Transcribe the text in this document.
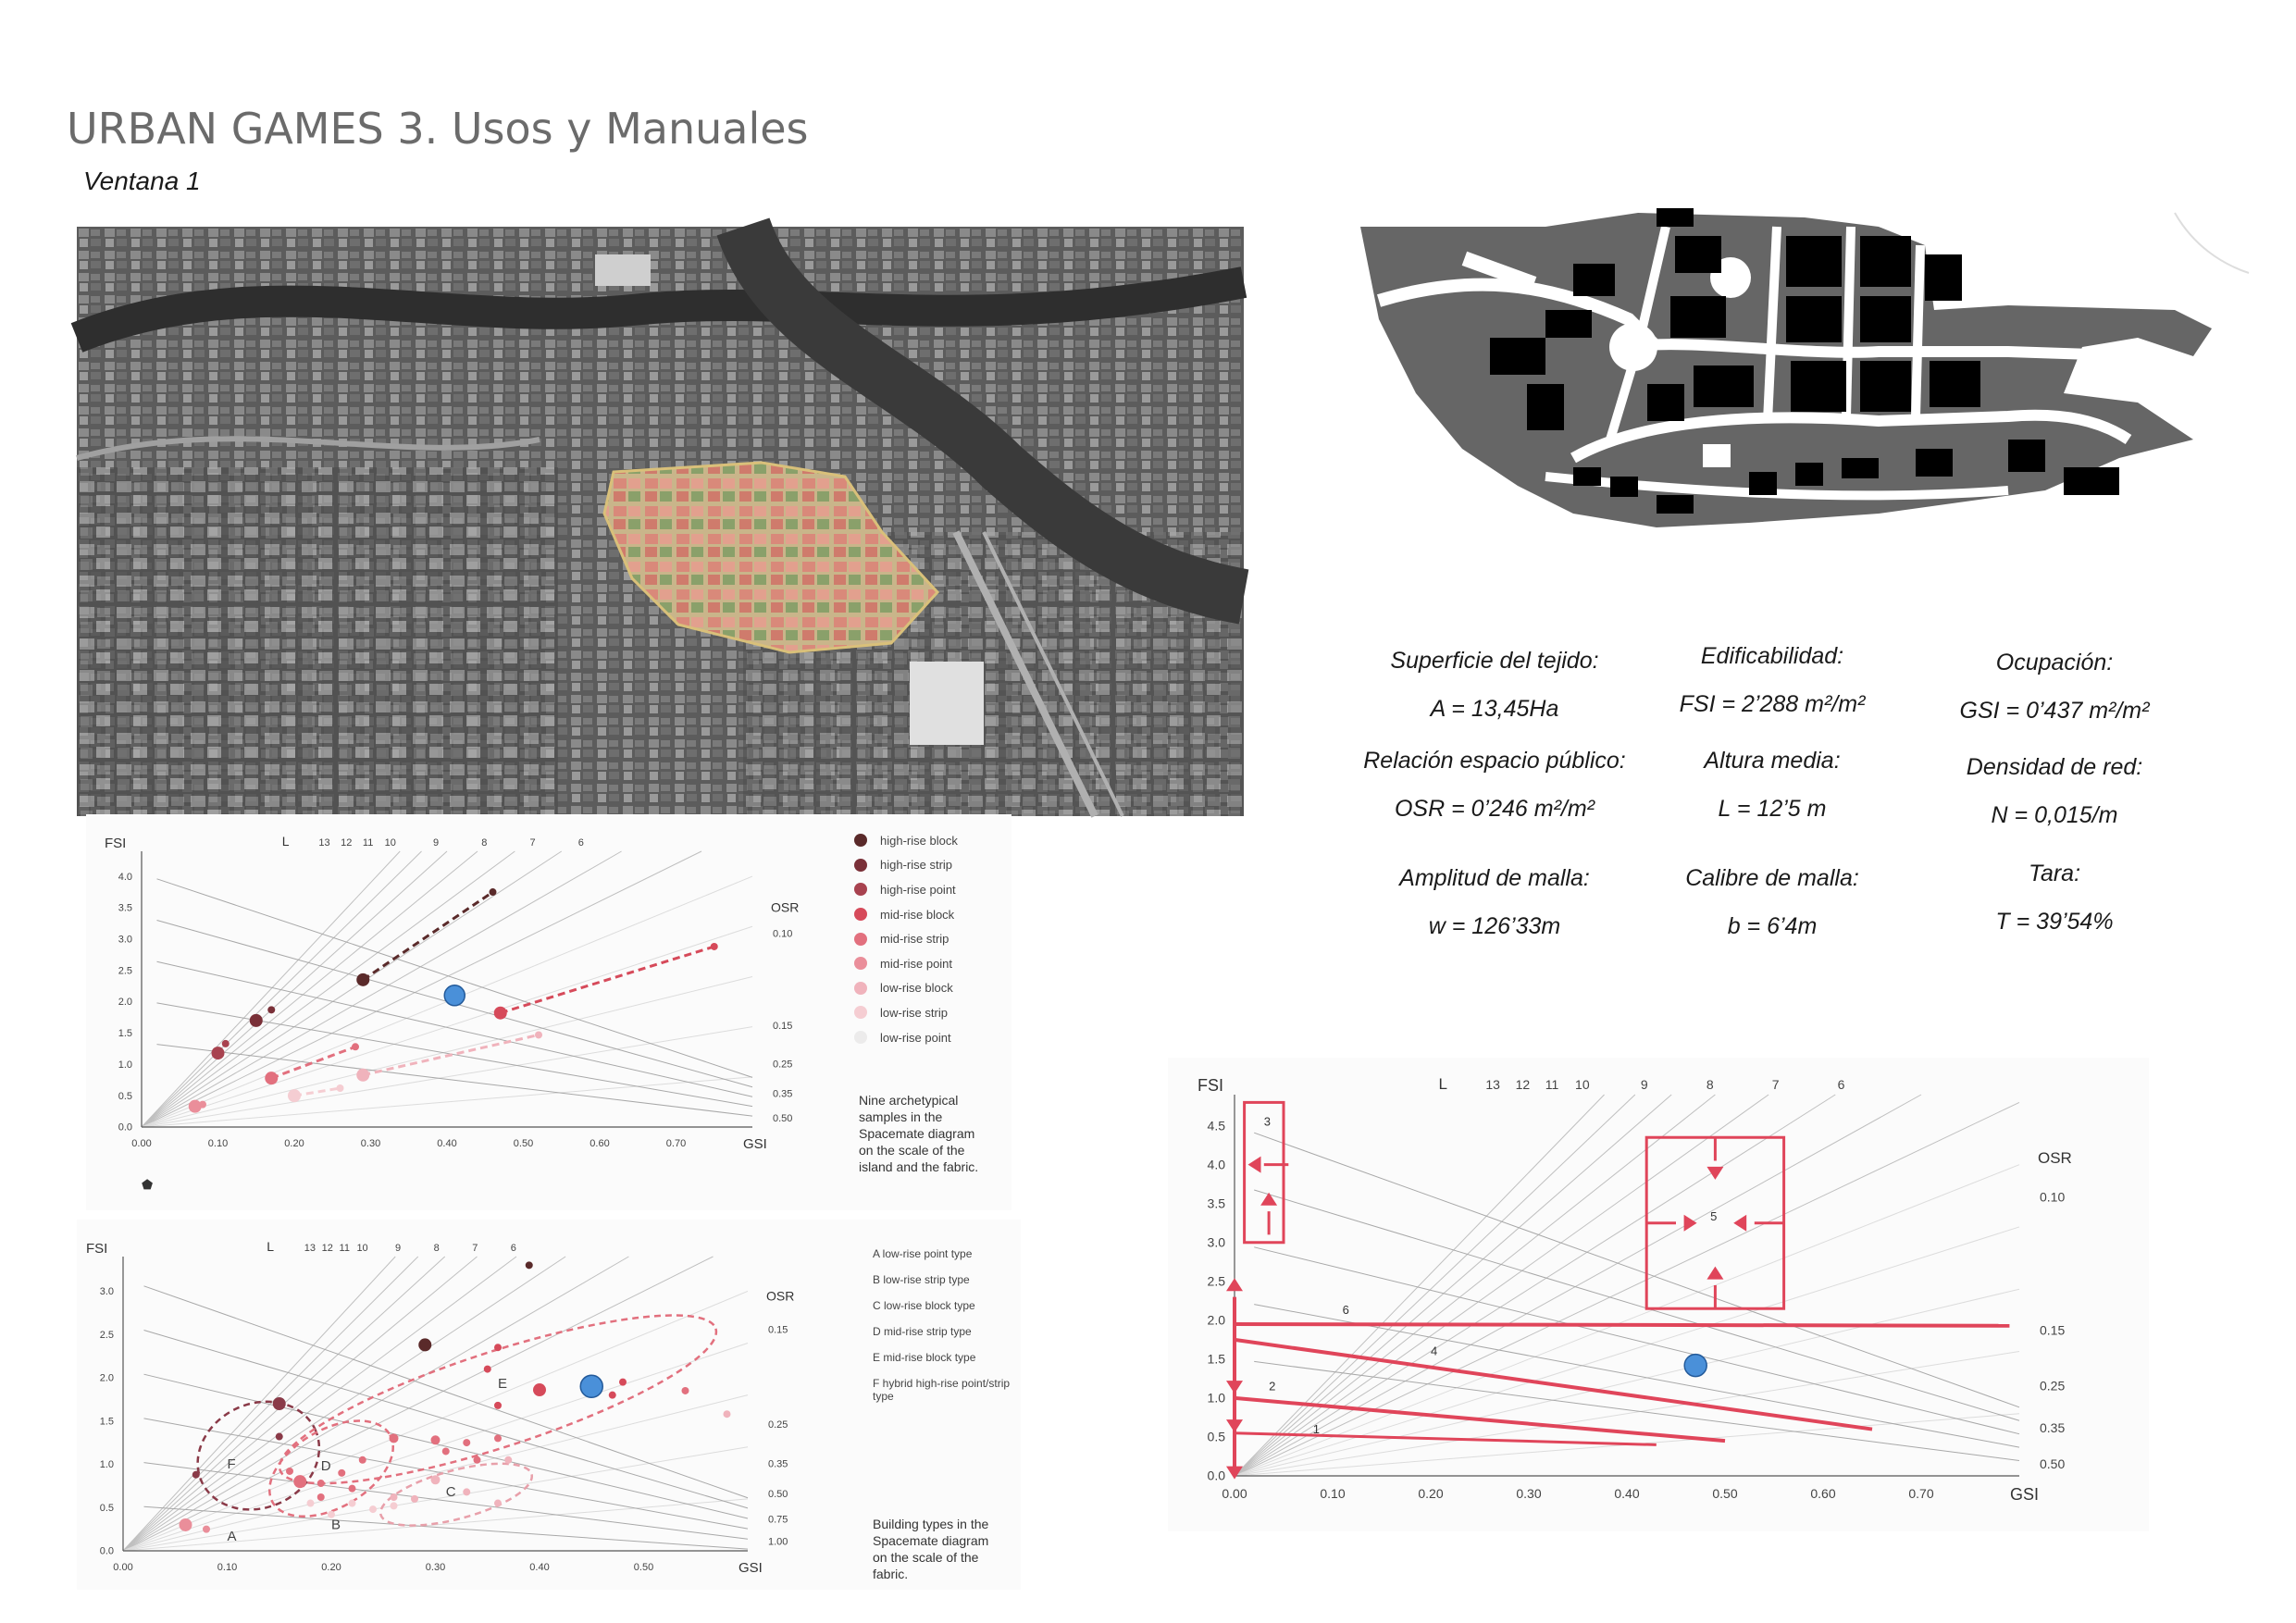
URBAN GAMES 3. Usos y Manuales
Ventana 1
Superficie del tejido:
A = 13,45Ha
Edificabilidad:
FSI = 2’288 m²/m²
Ocupación:
GSI = 0’437 m²/m²
Relación espacio público:
OSR = 0’246 m²/m²
Altura media:
L = 12’5 m
Densidad de red:
N = 0,015/m
Amplitud de malla:
w = 126’33m
Calibre de malla:
b = 6’4m
Tara:
T = 39’54%
0.00	0.10	0.20	0.30	0.40	0.50	0.60	0.70
0.0
0.5
1.0
1.5
2.0
2.5
3.0
3.5
4.0
FSI
GSI
L	13 12 11 10	9	8	7	6
OSR
0.10
0.15
0.25
0.35
0.50
⬟
high-rise block
high-rise strip
high-rise point
mid-rise block
mid-rise strip
mid-rise point
low-rise block
low-rise strip
low-rise point
Nine archetypical samples in the Spacemate diagram on the scale of the island and the fabric.
0.00	0.10	0.20	0.30	0.40	0.50
0.0
0.5
1.0
1.5
2.0
2.5
3.0
FSI
GSI
L	13 12 11 10	9	8	7	6
OSR
0.15
0.25
0.35
0.50
0.75
1.00
A
B
C
D
E
F
A low-rise point type
B low-rise strip type
C low-rise block type
D mid-rise strip type
E mid-rise block type
F hybrid high-rise point/strip type
Building types in the Spacemate diagram on the scale of the fabric.
0.00	0.10	0.20	0.30	0.40	0.50	0.60	0.70
0.0
0.5
1.0
1.5
2.0
2.5
3.0
3.5
4.0
4.5
FSI
GSI
L	13 12 11 10	9	8	7	6
OSR
0.10
0.15
0.25
0.35
0.50
1
2
3
4
5
6
